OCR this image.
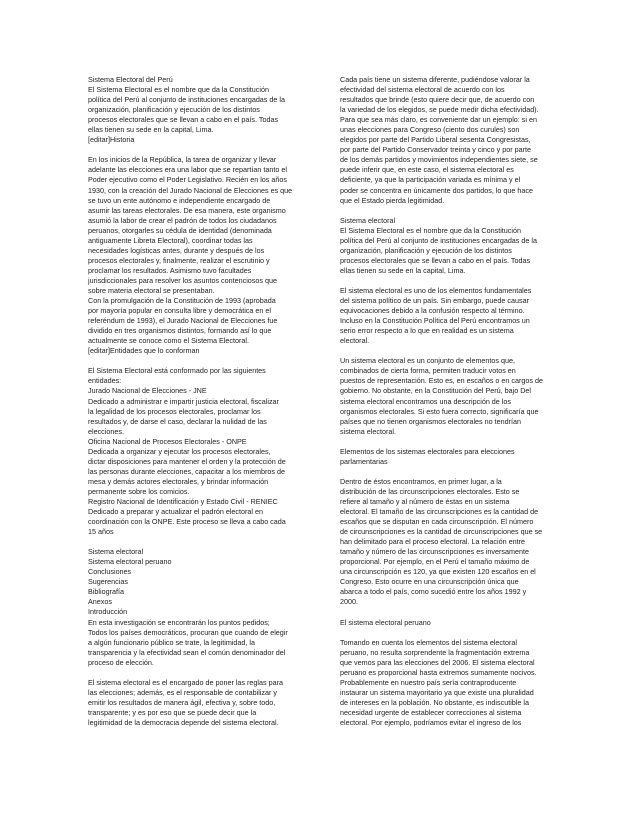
Sistema Electoral del Perú
El Sistema Electoral es el nombre que da la Constitución
política del Perú al conjunto de instituciones encargadas de la
organización, planificación y ejecución de los distintos
procesos electorales que se llevan a cabo en el país. Todas
ellas tienen su sede en la capital, Lima.
[editar]Historia
En los inicios de la República, la tarea de organizar y llevar
adelante las elecciones era una labor que se repartían tanto el
Poder ejecutivo como el Poder Legislativo. Recién en los años
1930, con la creación del Jurado Nacional de Elecciones es que
se tuvo un ente autónomo e independiente encargado de
asumir las tareas electorales. De esa manera, este organismo
asumió la labor de crear el padrón de todos los ciudadanos
peruanos, otorgarles su cédula de identidad (denominada
antiguamente Libreta Electoral), coordinar todas las
necesidades logísticas antes, durante y después de los
procesos electorales y, finalmente, realizar el escrutinio y
proclamar los resultados. Asimismo tuvo facultades
jurisdiccionales para resolver los asuntos contenciosos que
sobre materia electoral se presentaban.
Con la promulgación de la Constitución de 1993 (aprobada
por mayoría popular en consulta libre y democrática en el
referéndum de 1993), el Jurado Nacional de Elecciones fue
dividido en tres organismos distintos, formando así lo que
actualmente se conoce como el Sistema Electoral.
[editar]Entidades que lo conforman
El Sistema Electoral está conformado por las siguientes
entidades:
Jurado Nacional de Elecciones - JNE
Dedicado a administrar e impartir justicia electoral, fiscalizar
la legalidad de los procesos electorales, proclamar los
resultados y, de darse el caso, declarar la nulidad de las
elecciones.
Oficina Nacional de Procesos Electorales - ONPE
Dedicada a organizar y ejecutar los procesos electorales,
dictar disposiciones para mantener el orden y la protección de
las personas durante elecciones, capacitar a los miembros de
mesa y demás actores electorales, y brindar información
permanente sobre los comicios.
Registro Nacional de Identificación y Estado Civil - RENIEC
Dedicado a preparar y actualizar el padrón electoral en
coordinación con la ONPE. Este proceso se lleva a cabo cada
15 años
Sistema electoral
Sistema electoral peruano
Conclusiones
Sugerencias
Bibliografía
Anexos
Introducción
En esta investigación se encontrarán los puntos pedidos;
Todos los países democráticos, procuran que cuando de elegir
a algún funcionario público se trate, la legitimidad, la
transparencia y la efectividad sean el común denominador del
proceso de elección.
El sistema electoral es el encargado de poner las reglas para
las elecciones; además, es el responsable de contabilizar y
emitir los resultados de manera ágil, efectiva y, sobre todo,
transparente; y es por eso que se puede decir que la
legitimidad de la democracia depende del sistema electoral.
Cada país tiene un sistema diferente, pudiéndose valorar la
efectividad del sistema electoral de acuerdo con los
resultados que brinde (esto quiere decir que, de acuerdo con
la variedad de los elegidos, se puede medir dicha efectividad).
Para que sea más claro, es conveniente dar un ejemplo: si en
unas elecciones para Congreso (ciento dos curules) son
elegidos por parte del Partido Liberal sesenta Congresistas,
por parte del Partido Conservador treinta y cinco y por parte
de los demás partidos y movimientos independientes siete, se
puede inferir que, en este caso, el sistema electoral es
deficiente, ya que la participación variada es mínima y el
poder se concentra en únicamente dos partidos, lo que hace
que el Estado pierda legitimidad.
Sistema electoral
El Sistema Electoral es el nombre que da la Constitución
política del Perú al conjunto de instituciones encargadas de la
organización, planificación y ejecución de los distintos
procesos electorales que se llevan a cabo en el país. Todas
ellas tienen su sede en la capital, Lima.
El sistema electoral es uno de los elementos fundamentales
del sistema político de un país. Sin embargo, puede causar
equivocaciones debido a la confusión respecto al término.
Incluso en la Constitución Política del Perú encontramos un
serio error respecto a lo que en realidad es un sistema
electoral.
Un sistema electoral es un conjunto de elementos que,
combinados de cierta forma, permiten traducir votos en
puestos de representación. Esto es, en escaños o en cargos de
gobierno. No obstante, en la Constitución del Perú, bajo Del
sistema electoral encontramos una descripción de los
organismos electorales. Si esto fuera correcto, significaría que
países que no tienen organismos electorales no tendrían
sistema electoral.
Elementos de los sistemas electorales para elecciones
parlamentarias
Dentro de éstos encontramos, en primer lugar, a la
distribución de las circunscripciones electorales. Esto se
refiere al tamaño y al número de éstas en un sistema
electoral. El tamaño de las circunscripciones es la cantidad de
escaños que se disputan en cada circunscripción. El número
de circunscripciones es la cantidad de circunscripciones que se
han delimitado para el proceso electoral. La relación entre
tamaño y número de las circunscripciones es inversamente
proporcional. Por ejemplo, en el Perú el tamaño máximo de
una circunscripción es 120, ya que existen 120 escaños en el
Congreso. Esto ocurre en una circunscripción única que
abarca a todo el país, como sucedió entre los años 1992 y
2000.
El sistema electoral peruano
Tomando en cuenta los elementos del sistema electoral
peruano, no resulta sorprendente la fragmentación extrema
que vemos para las elecciones del 2006. El sistema electoral
peruano es proporcional hasta extremos sumamente nocivos.
Probablemente en nuestro país sería contraproducente
instaurar un sistema mayoritario ya que existe una pluralidad
de intereses en la población. No obstante, es indiscutible la
necesidad urgente de establecer correcciones al sistema
electoral. Por ejemplo, podríamos evitar el ingreso de los
